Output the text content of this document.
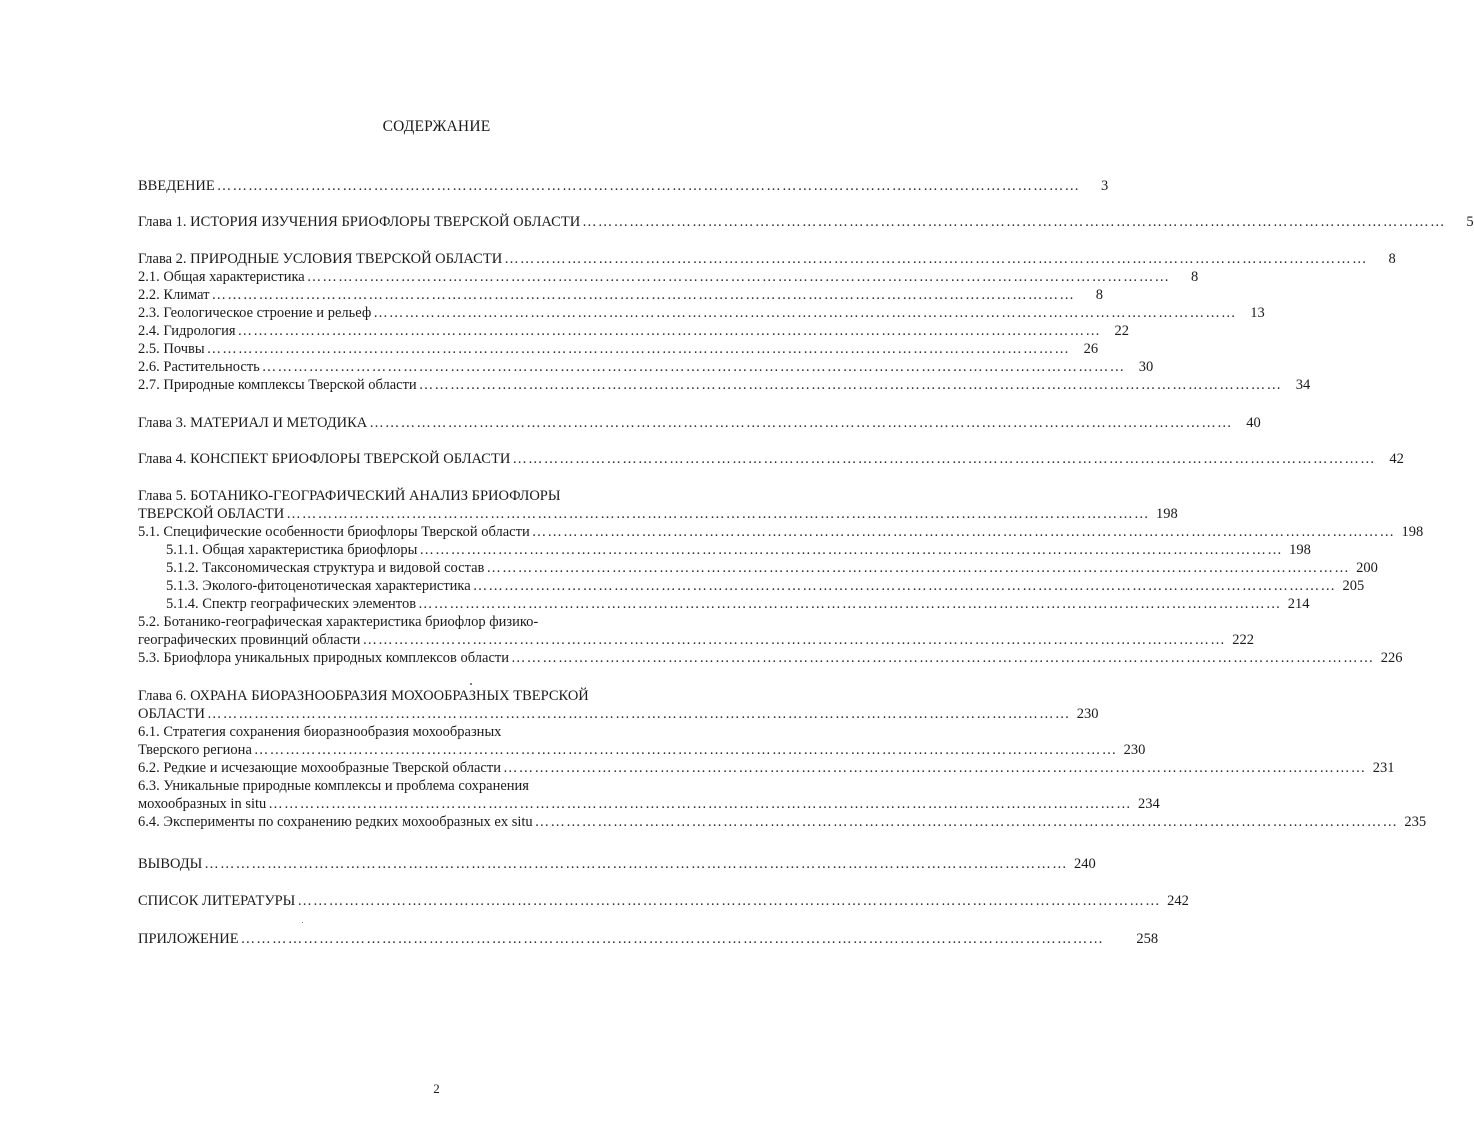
СОДЕРЖАНИЕ
ВВЕДЕНИЕ …………………………………………………………………………………………………………………………………………………	3
Глава 1. ИСТОРИЯ ИЗУЧЕНИЯ БРИОФЛОРЫ ТВЕРСКОЙ ОБЛАСТИ …………………………………………………………………………………………………………………………………………………	5
Глава 2. ПРИРОДНЫЕ УСЛОВИЯ ТВЕРСКОЙ ОБЛАСТИ …………………………………………………………………………………………………………………………………………………	8
2.1. Общая характеристика …………………………………………………………………………………………………………………………………………………	8
2.2. Климат …………………………………………………………………………………………………………………………………………………	8
2.3. Геологическое строение и рельеф ………………………………………………………………………………………………………………………………………………… 13
2.4. Гидрология ………………………………………………………………………………………………………………………………………………… 22
2.5. Почвы ………………………………………………………………………………………………………………………………………………… 26
2.6. Растительность ………………………………………………………………………………………………………………………………………………… 30
2.7. Природные комплексы Тверской области ………………………………………………………………………………………………………………………………………………… 34
Глава 3. МАТЕРИАЛ И МЕТОДИКА ………………………………………………………………………………………………………………………………………………… 40
Глава 4. КОНСПЕКТ БРИОФЛОРЫ ТВЕРСКОЙ ОБЛАСТИ ………………………………………………………………………………………………………………………………………………… 42
Глава 5. БОТАНИКО-ГЕОГРАФИЧЕСКИЙ АНАЛИЗ БРИОФЛОРЫ
ТВЕРСКОЙ ОБЛАСТИ ………………………………………………………………………………………………………………………………………………… 198
5.1. Специфические особенности бриофлоры Тверской области ………………………………………………………………………………………………………………………………………………… 198
5.1.1. Общая характеристика бриофлоры ………………………………………………………………………………………………………………………………………………… 198
5.1.2. Таксономическая структура и видовой состав ………………………………………………………………………………………………………………………………………………… 200
5.1.3. Эколого-фитоценотическая характеристика ………………………………………………………………………………………………………………………………………………… 205
5.1.4. Спектр географических элементов ………………………………………………………………………………………………………………………………………………… 214
5.2. Ботанико-географическая характеристика бриофлор физико-
географических провинций области ………………………………………………………………………………………………………………………………………………… 222
5.3. Бриофлора уникальных природных комплексов области ………………………………………………………………………………………………………………………………………………… 226
Глава 6. ОХРАНА БИОРАЗНООБРАЗИЯ МОХООБРАЗНЫХ ТВЕРСКОЙ
ОБЛАСТИ ………………………………………………………………………………………………………………………………………………… 230
6.1. Стратегия сохранения биоразнообразия мохообразных
Тверского региона ………………………………………………………………………………………………………………………………………………… 230
6.2. Редкие и исчезающие мохообразные Тверской области ………………………………………………………………………………………………………………………………………………… 231
6.3. Уникальные природные комплексы и проблема сохранения
мохообразных in situ ………………………………………………………………………………………………………………………………………………… 234
6.4. Эксперименты по сохранению редких мохообразных ex situ ………………………………………………………………………………………………………………………………………………… 235
ВЫВОДЫ ………………………………………………………………………………………………………………………………………………… 240
СПИСОК ЛИТЕРАТУРЫ ………………………………………………………………………………………………………………………………………………… 242
ПРИЛОЖЕНИЕ ………………………………………………………………………………………………………………………………………………… 258
2
